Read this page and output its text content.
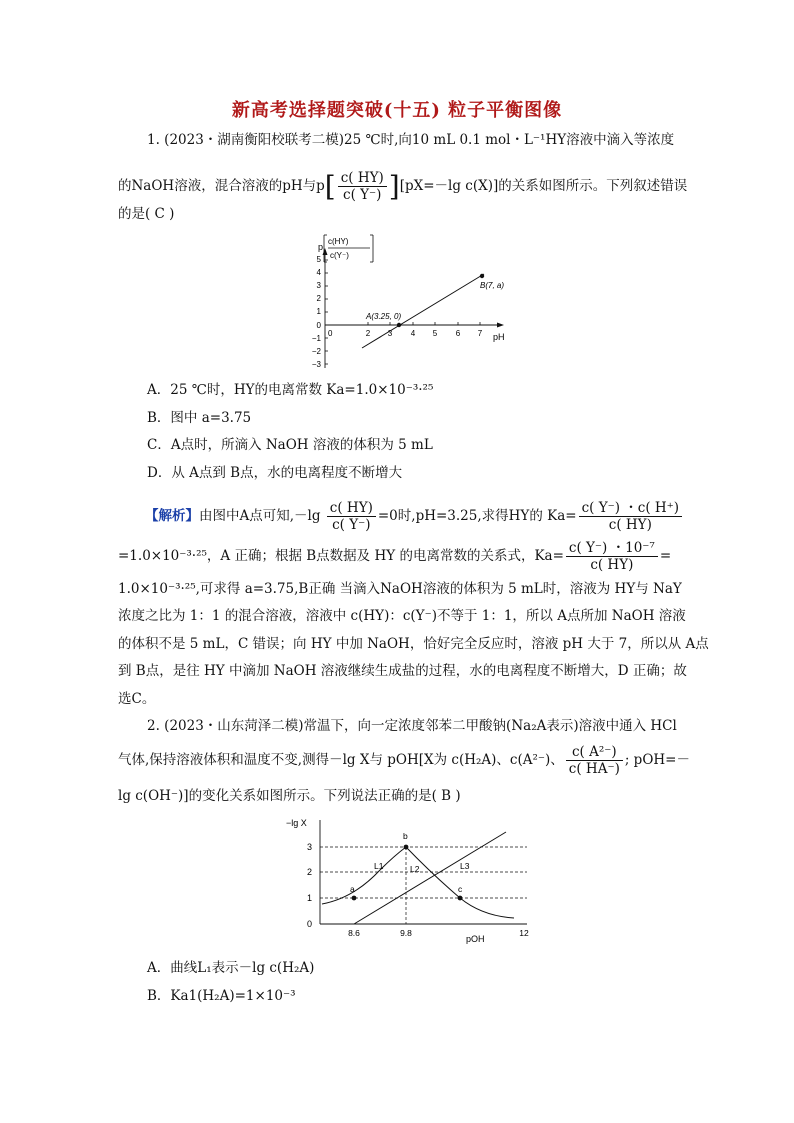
新高考选择题突破(十五) 粒子平衡图像
1. (2023・湖南衡阳校联考二模)25 ℃时,向10 mL 0.1 mol・L⁻¹HY溶液中滴入等浓度
的NaOH溶液，混合溶液的pH与$p[ \frac{c( HY)}{c( Y^-)} ][pX=-\lg$ c(X)]的关系如图所示。下列叙述错误
的是( C )
p
c(HY)
c(Y⁻)
5
4
3
2
1
0
−1
−2
−3
2 3 4 5 6 7
0	pH
A(3.25, 0)
B(7, a)
A．25 ℃时，HY的电离常数 Ka=1.0×10⁻³·²⁵
B．图中 a=3.75
C．A点时，所滴入 NaOH 溶液的体积为 5 mL
D．从 A点到 B点，水的电离程度不断增大
【解析】由图中A点可知$,-\lg \frac{c( HY)}{c( Y^-)} =0$时,pH=3.25,求得HY的 $Ka= \frac{c( Y^-) ・c( H^+)}{c( HY)}$
=1.0×10⁻³·²⁵，A 正确；根据 B点数据及 HY 的电离常数的关系式，$Ka= \frac{\text{c( Y⁻) ・10⁻⁷}}{c( HY)}$ =
1.0×10⁻³·²⁵,可求得 a=3.75,B正确 当滴入NaOH溶液的体积为 5 mL时，溶液为 HY与 NaY
浓度之比为 1：1 的混合溶液，溶液中 c(HY)：c(Y⁻)不等于 1：1，所以 A点所加 NaOH 溶液
的体积不是 5 mL，C 错误；向 HY 中加 NaOH，恰好完全反应时，溶液 pH 大于 7，所以从 A点
到 B点，是往 HY 中滴加 NaOH 溶液继续生成盐的过程，水的电离程度不断增大，D 正确；故
选C。
2. (2023・山东菏泽二模)常温下，向一定浓度邻苯二甲酸钠(Na₂A表示)溶液中通入 HCl
气体,保持溶液体积和温度不变,测得－lg X与 pOH[X为 c(H₂A)、c(A²⁻)、 $\frac{\text{c( A²⁻)}}{c( HA^-)}$ ; pOH=－
lg c(OH⁻)]的变化关系如图所示。下列说法正确的是( B )
−lg X
3
2
1
0
8.6	9.8	12
pOH
a
b
c
L1	L2	L3
A．曲线L₁表示－lg c(H₂A)
B．Ka1(H₂A)=1×10⁻³
